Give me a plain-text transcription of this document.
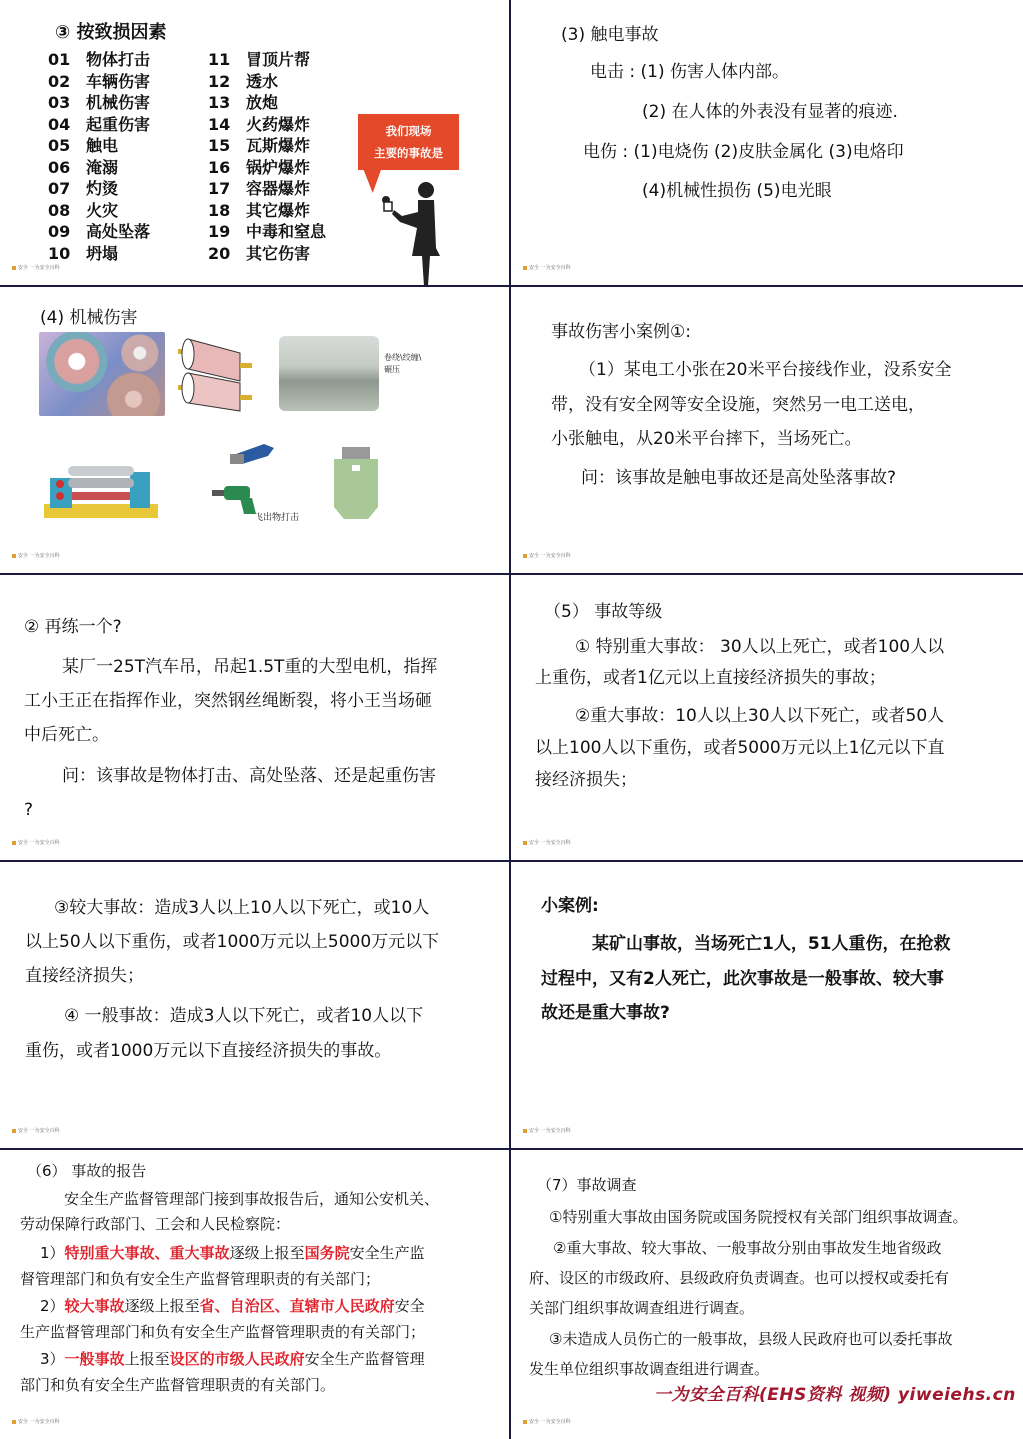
③ 按致损因素
01 物体打击
02 车辆伤害
03 机械伤害
04 起重伤害
05 触电
06 淹溺
07 灼烫
08 火灾
09 高处坠落
10 坍塌
11 冒顶片帮
12 透水
13 放炮
14 火药爆炸
15 瓦斯爆炸
16 锅炉爆炸
17 容器爆炸
18 其它爆炸
19 中毒和窒息
20 其它伤害
我们现场
主要的事故是
安全 一为安全百科
(3) 触电事故
电击 : (1) 伤害人体内部。
(2) 在人体的外表没有显著的痕迹.
电伤 : (1)电烧伤 (2)皮肤金属化 (3)电烙印
(4)机械性损伤 (5)电光眼
安全 一为安全百科
(4) 机械伤害
安全 一为安全百科
事故伤害小案例①:
（1）某电工小张在20米平台接线作业，没系安全
带，没有安全网等安全设施，突然另一电工送电，
小张触电，从20米平台摔下，当场死亡。
问：该事故是触电事故还是高处坠落事故?
安全 一为安全百科
② 再练一个?
某厂一25T汽车吊，吊起1.5T重的大型电机，指挥
工小王正在指挥作业，突然钢丝绳断裂，将小王当场砸
中后死亡。
问：该事故是物体打击、高处坠落、还是起重伤害
?
安全 一为安全百科
（5） 事故等级
① 特别重大事故： 30人以上死亡，或者100人以
上重伤，或者1亿元以上直接经济损失的事故；
②重大事故：10人以上30人以下死亡，或者50人
以上100人以下重伤，或者5000万元以上1亿元以下直
接经济损失；
安全 一为安全百科
③较大事故：造成3人以上10人以下死亡，或10人
以上50人以下重伤，或者1000万元以上5000万元以下
直接经济损失；
④ 一般事故：造成3人以下死亡，或者10人以下
重伤，或者1000万元以下直接经济损失的事故。
安全 一为安全百科
小案例:
某矿山事故，当场死亡1人，51人重伤，在抢救
过程中，又有2人死亡，此次事故是一般事故、较大事
故还是重大事故?
安全 一为安全百科
（6） 事故的报告
安全生产监督管理部门接到事故报告后，通知公安机关、
劳动保障行政部门、工会和人民检察院：
1）特别重大事故、重大事故逐级上报至国务院安全生产监
督管理部门和负有安全生产监督管理职责的有关部门；
2）较大事故逐级上报至省、自治区、直辖市人民政府安全
生产监督管理部门和负有安全生产监督管理职责的有关部门；
3）一般事故上报至设区的市级人民政府安全生产监督管理
部门和负有安全生产监督管理职责的有关部门。
安全 一为安全百科
（7）事故调查
①特别重大事故由国务院或国务院授权有关部门组织事故调查。
②重大事故、较大事故、一般事故分别由事故发生地省级政
府、设区的市级政府、县级政府负责调查。也可以授权或委托有
关部门组织事故调查组进行调查。
③未造成人员伤亡的一般事故，县级人民政府也可以委托事故
发生单位组织事故调查组进行调查。
安全 一为安全百科
卷绕\绞缠\
碾压
飞出物打击
一为安全百科(EHS资料 视频) yiweiehs.cn
